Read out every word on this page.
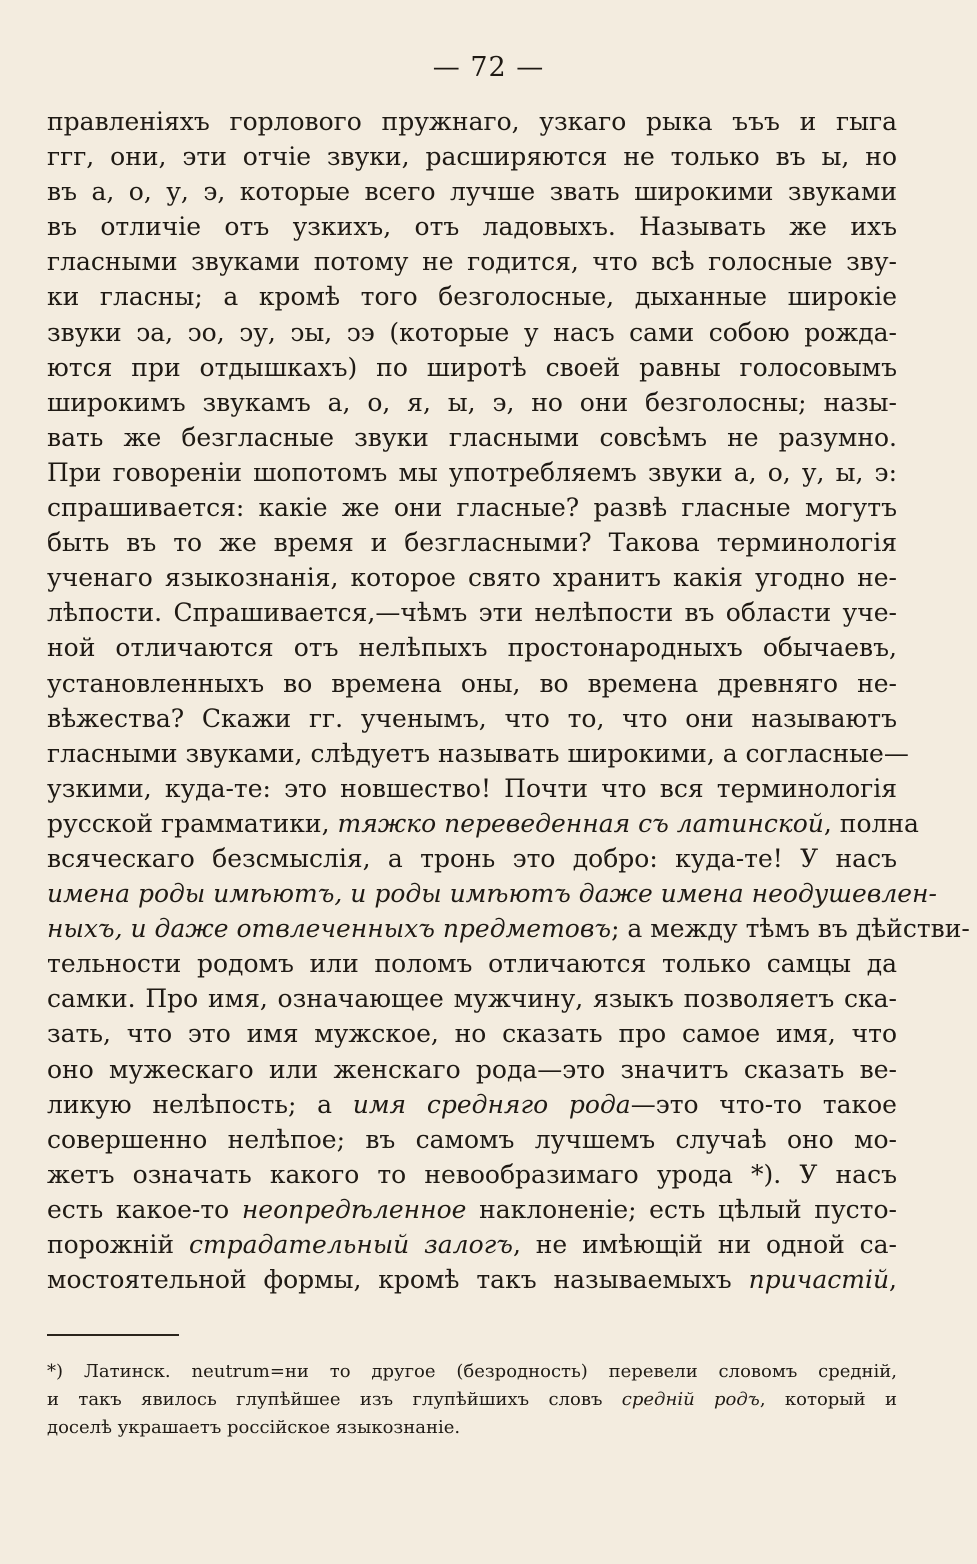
— 72 —
правленіяхъ горлового пружнаго, узкаго рыка ъъъ и гыга
ггг, они, эти отчіе звуки, расширяются не только въ ы, но
въ а, о, у, э, которые всего лучше звать широкими звуками
въ отличіе отъ узкихъ, отъ ладовыхъ. Называть же ихъ
гласными звуками потому не годится, что всѣ голосные зву-
ки гласны; а кромѣ того безголосные, дыханные широкіе
звуки ͻа, ͻо, ͻу, ͻы, ͻэ (которые у насъ сами собою рожда-
ются при отдышкахъ) по широтѣ своей равны голосовымъ
широкимъ звукамъ а, о, я, ы, э, но они безголосны; назы-
вать же безгласные звуки гласными совсѣмъ не разумно.
При говореніи шопотомъ мы употребляемъ звуки а, о, у, ы, э:
спрашивается: какіе же они гласные? развѣ гласные могутъ
быть въ то же время и безгласными? Такова терминологія
ученаго языкознанія, которое свято хранитъ какія угодно не-
лѣпости. Спрашивается,—чѣмъ эти нелѣпости въ области уче-
ной отличаются отъ нелѣпыхъ простонародныхъ обычаевъ,
установленныхъ во времена оны, во времена древняго не-
вѣжества? Скажи гг. ученымъ, что то, что они называютъ
гласными звуками, слѣдуетъ называть широкими, а согласные—
узкими, куда-те: это новшество! Почти что вся терминологія
русской грамматики, тяжко переведенная съ латинской, полна
всяческаго безсмыслія, а тронь это добро: куда-те! У насъ
имена роды имѣютъ, и роды имѣютъ даже имена неодушевлен-
ныхъ, и даже отвлеченныхъ предметовъ; а между тѣмъ въ дѣйстви-
тельности родомъ или поломъ отличаются только самцы да
самки. Про имя, означающее мужчину, языкъ позволяетъ ска-
зать, что это имя мужское, но сказать про самое имя, что
оно мужескаго или женскаго рода—это значитъ сказать ве-
ликую нелѣпость; а имя средняго рода—это что-то такое
совершенно нелѣпое; въ самомъ лучшемъ случаѣ оно мо-
жетъ означать какого то невообразимаго урода *). У насъ
есть какое-то неопредѣленное наклоненіе; есть цѣлый пусто-
порожній страдательный залогъ, не имѣющій ни одной са-
мостоятельной формы, кромѣ такъ называемыхъ причастій,
*) Латинск. neutrum=ни то другое (безродность) перевели словомъ средній,
и такъ явилось глупѣйшее изъ глупѣйшихъ словъ средній родъ, который и
доселѣ украшаетъ россійское языкознаніе.
